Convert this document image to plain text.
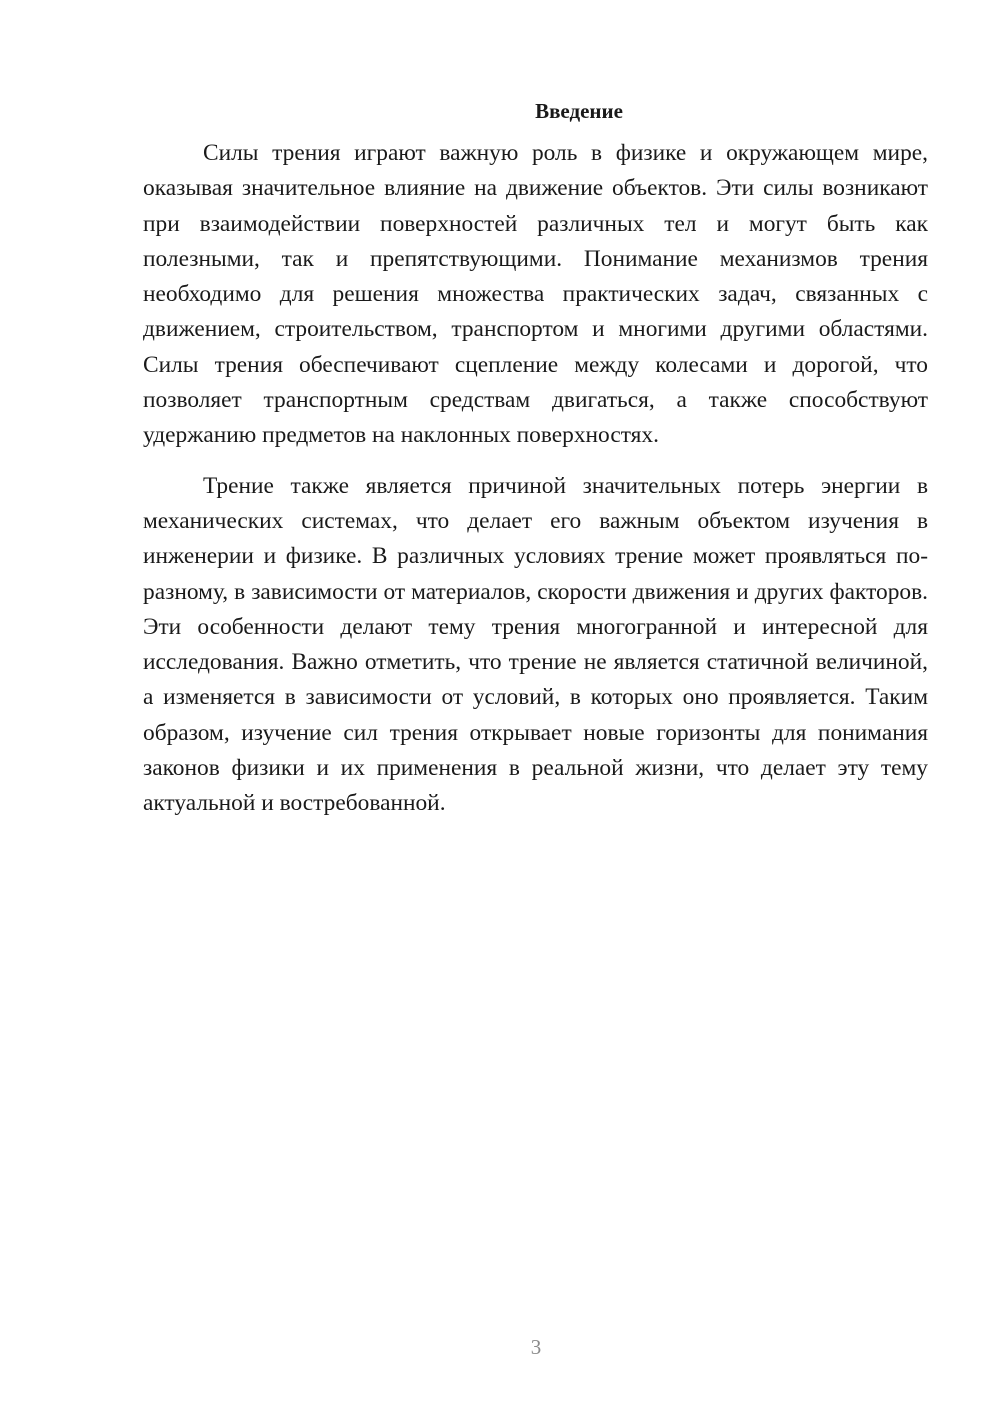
Введение

Силы трения играют важную роль в физике и окружающем мире, оказывая значительное влияние на движение объектов. Эти силы возникают при взаимодействии поверхностей различных тел и могут быть как полезными, так и препятствующими. Понимание механизмов трения необходимо для решения множества практических задач, связанных с движением, строительством, транспортом и многими другими областями. Силы трения обеспечивают сцепление между колесами и дорогой, что позволяет транспортным средствам двигаться, а также способствуют удержанию предметов на наклонных поверхностях.

Трение также является причиной значительных потерь энергии в механических системах, что делает его важным объектом изучения в инженерии и физике. В различных условиях трение может проявляться по-разному, в зависимости от материалов, скорости движения и других факторов. Эти особенности делают тему трения многогранной и интересной для исследования. Важно отметить, что трение не является статичной величиной, а изменяется в зависимости от условий, в которых оно проявляется. Таким образом, изучение сил трения открывает новые горизонты для понимания законов физики и их применения в реальной жизни, что делает эту тему актуальной и востребованной.

3
